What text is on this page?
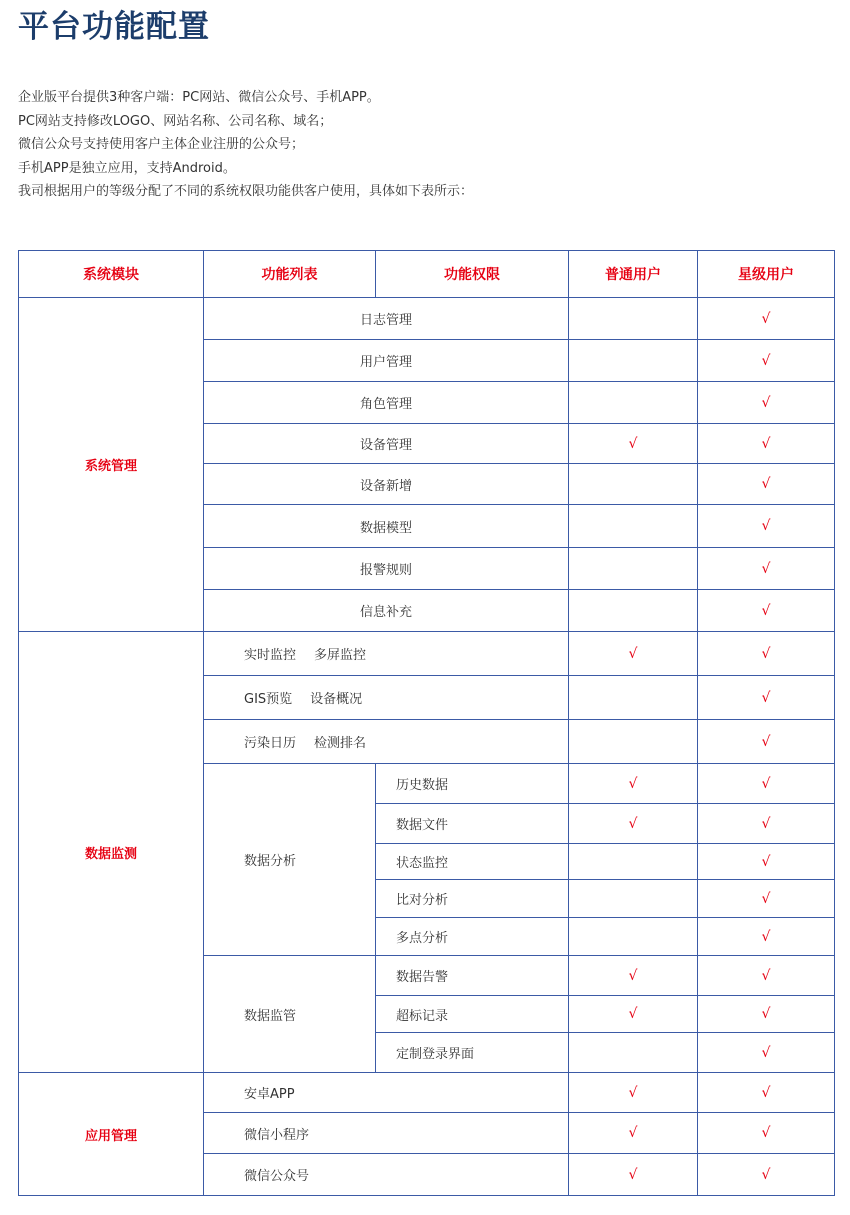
平台功能配置
企业版平台提供3种客户端：PC网站、微信公众号、手机APP。
PC网站支持修改LOGO、网站名称、公司名称、域名；
微信公众号支持使用客户主体企业注册的公众号；
手机APP是独立应用，支持Android。
我司根据用户的等级分配了不同的系统权限功能供客户使用，具体如下表所示：
系统模块	功能列表	功能权限	普通用户	星级用户
系统管理	日志管理			√
	用户管理			√
	角色管理			√
	设备管理		√	√
	设备新增			√
	数据模型			√
	报警规则			√
	信息补充			√
数据监测	实时监控 多屏监控		√	√
	GIS预览 设备概况			√
	污染日历 检测排名			√
	数据分析	历史数据	√	√
		数据文件	√	√
		状态监控		√
		比对分析		√
		多点分析		√
	数据监管	数据告警	√	√
		超标记录	√	√
		定制登录界面		√
应用管理	安卓APP		√	√
	微信小程序		√	√
	微信公众号		√	√
